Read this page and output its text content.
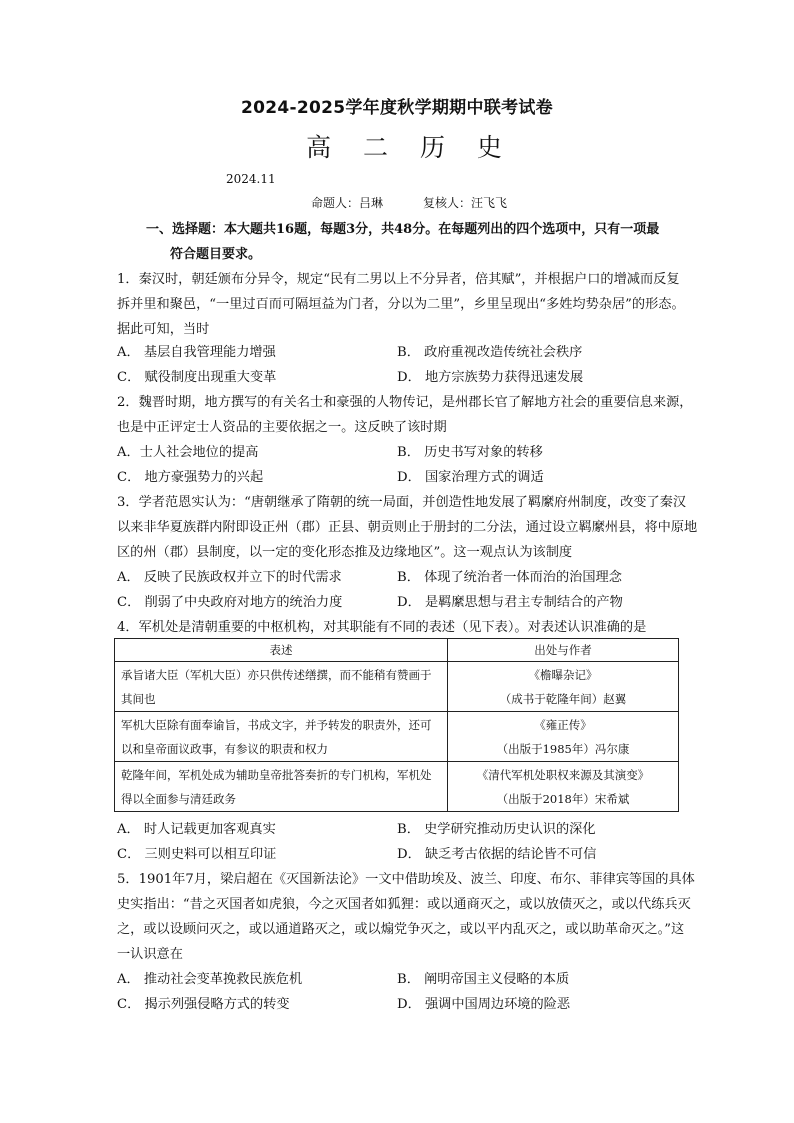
2024-2025学年度秋学期期中联考试卷
高 二 历 史
2024.11
命题人：吕琳	复核人：汪飞飞
一、选择题：本大题共16题，每题3分，共48分。在每题列出的四个选项中，只有一项最
符合题目要求。
1．秦汉时，朝廷颁布分异令，规定“民有二男以上不分异者，倍其赋”，并根据户口的增减而反复
拆并里和聚邑，“一里过百而可隔垣益为门者，分以为二里”，乡里呈现出“多姓均势杂居”的形态。
据此可知，当时
A． 基层自我管理能力增强	B． 政府重视改造传统社会秩序
C． 赋役制度出现重大变革	D． 地方宗族势力获得迅速发展
2．魏晋时期，地方撰写的有关名士和豪强的人物传记，是州郡长官了解地方社会的重要信息来源，
也是中正评定士人资品的主要依据之一。这反映了该时期
A．士人社会地位的提高	B． 历史书写对象的转移
C． 地方豪强势力的兴起	D． 国家治理方式的调适
3．学者范恩实认为：“唐朝继承了隋朝的统一局面，并创造性地发展了羁縻府州制度，改变了秦汉
以来非华夏族群内附即设正州（郡）正县、朝贡则止于册封的二分法，通过设立羁縻州县，将中原地
区的州（郡）县制度，以一定的变化形态推及边缘地区”。这一观点认为该制度
A． 反映了民族政权并立下的时代需求	B． 体现了统治者一体而治的治国理念
C． 削弱了中央政府对地方的统治力度	D． 是羁縻思想与君主专制结合的产物
4．军机处是清朝重要的中枢机构，对其职能有不同的表述（见下表）。对表述认识准确的是
表述	出处与作者
承旨诸大臣（军机大臣）亦只供传述缮撰，而不能稍有赞画于其间也	《檐曝杂记》
（成书于乾隆年间）赵翼

军机大臣除有面奉谕旨，书成文字，并予转发的职责外，还可以和皇帝面议政事，有参议的职责和权力	《雍正传》
（出版于1985年）冯尔康

乾隆年间，军机处成为辅助皇帝批答奏折的专门机构，军机处得以全面参与清廷政务	《清代军机处职权来源及其演变》
（出版于2018年）宋希斌
A． 时人记载更加客观真实	B． 史学研究推动历史认识的深化
C． 三则史料可以相互印证	D． 缺乏考古依据的结论皆不可信
5．1901年7月，梁启超在《灭国新法论》一文中借助埃及、波兰、印度、布尔、菲律宾等国的具体
史实指出：“昔之灭国者如虎狼，今之灭国者如狐狸：或以通商灭之，或以放债灭之，或以代练兵灭
之，或以设顾问灭之，或以通道路灭之，或以煽党争灭之，或以平内乱灭之，或以助革命灭之。”这
一认识意在
A． 推动社会变革挽救民族危机	B． 阐明帝国主义侵略的本质
C． 揭示列强侵略方式的转变	D． 强调中国周边环境的险恶
